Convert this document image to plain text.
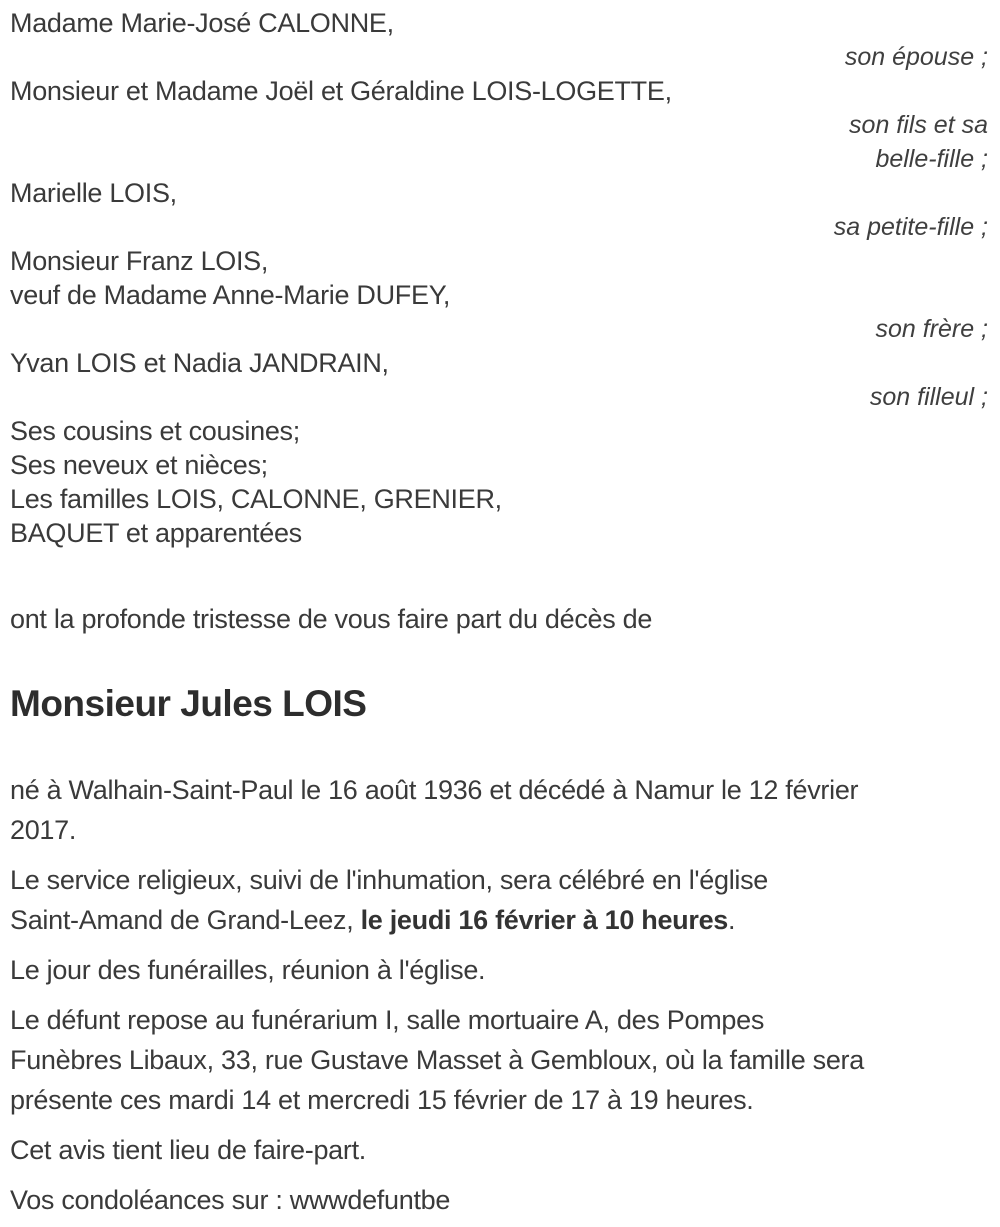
Madame Marie-José CALONNE,
son épouse ;
Monsieur et Madame Joël et Géraldine LOIS-LOGETTE,
son fils et sa
belle-fille ;
Marielle LOIS,
sa petite-fille ;
Monsieur Franz LOIS,
veuf de Madame Anne-Marie DUFEY,
son frère ;
Yvan LOIS et Nadia JANDRAIN,
son filleul ;
Ses cousins et cousines;
Ses neveux et nièces;
Les familles LOIS, CALONNE, GRENIER,
BAQUET et apparentées
ont la profonde tristesse de vous faire part du décès de
Monsieur Jules LOIS
né à Walhain-Saint-Paul le 16 août 1936 et décédé à Namur le 12 février
2017.
Le service religieux, suivi de l'inhumation, sera célébré en l'église
Saint-Amand de Grand-Leez, le jeudi 16 février à 10 heures.
Le jour des funérailles, réunion à l'église.
Le défunt repose au funérarium I, salle mortuaire A, des Pompes
Funèbres Libaux, 33, rue Gustave Masset à Gembloux, où la famille sera
présente ces mardi 14 et mercredi 15 février de 17 à 19 heures.
Cet avis tient lieu de faire-part.
Vos condoléances sur : wwwdefuntbe
